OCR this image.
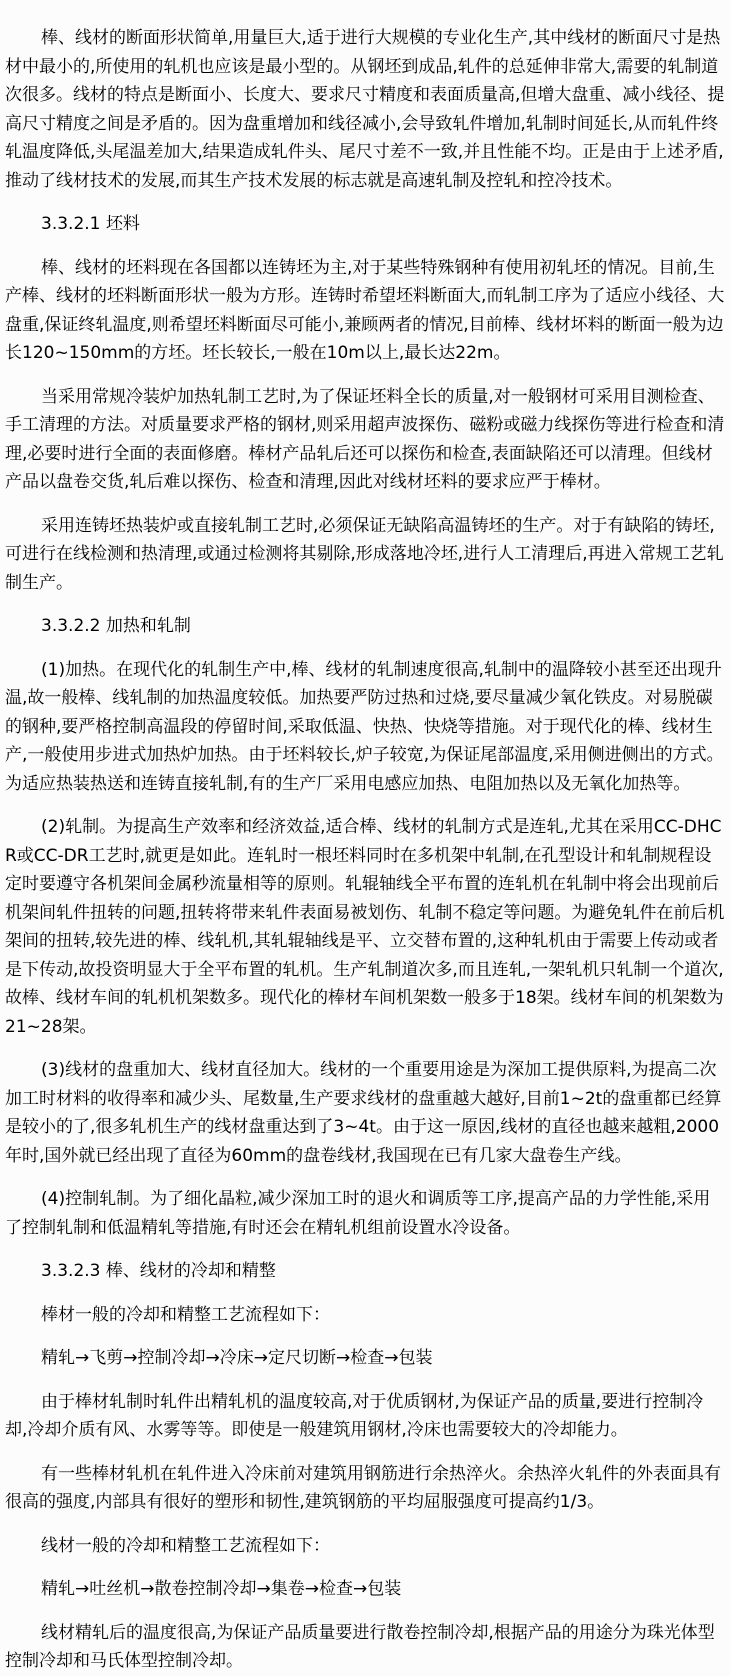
棒、线材的断面形状简单,用量巨大,适于进行大规模的专业化生产,其中线材的断面尺寸是热材中最小的,所使用的轧机也应该是最小型的。从钢坯到成品,轧件的总延伸非常大,需要的轧制道次很多。线材的特点是断面小、长度大、要求尺寸精度和表面质量高,但增大盘重、减小线径、提高尺寸精度之间是矛盾的。因为盘重增加和线径减小,会导致轧件增加,轧制时间延长,从而轧件终轧温度降低,头尾温差加大,结果造成轧件头、尾尺寸差不一致,并且性能不均。正是由于上述矛盾,推动了线材技术的发展,而其生产技术发展的标志就是高速轧制及控轧和控冷技术。

3.3.2.1 坯料

棒、线材的坯料现在各国都以连铸坯为主,对于某些特殊钢种有使用初轧坯的情况。目前,生产棒、线材的坯料断面形状一般为方形。连铸时希望坯料断面大,而轧制工序为了适应小线径、大盘重,保证终轧温度,则希望坯料断面尽可能小,兼顾两者的情况,目前棒、线材坏料的断面一般为边长120~150mm的方坯。坯长较长,一般在10m以上,最长达22m。

当采用常规冷装炉加热轧制工艺时,为了保证坯料全长的质量,对一般钢材可采用目测检查、手工清理的方法。对质量要求严格的钢材,则采用超声波探伤、磁粉或磁力线探伤等进行检查和清理,必要时进行全面的表面修磨。棒材产品轧后还可以探伤和检查,表面缺陷还可以清理。但线材产品以盘卷交货,轧后难以探伤、检查和清理,因此对线材坯料的要求应严于棒材。

采用连铸坯热装炉或直接轧制工艺时,必须保证无缺陷高温铸坯的生产。对于有缺陷的铸坯,可进行在线检测和热清理,或通过检测将其剔除,形成落地冷坯,进行人工清理后,再进入常规工艺轧制生产。

3.3.2.2 加热和轧制

(1)加热。在现代化的轧制生产中,棒、线材的轧制速度很高,轧制中的温降较小甚至还出现升温,故一般棒、线轧制的加热温度较低。加热要严防过热和过烧,要尽量减少氧化铁皮。对易脱碳的钢种,要严格控制高温段的停留时间,采取低温、快热、快烧等措施。对于现代化的棒、线材生产,一般使用步进式加热炉加热。由于坯料较长,炉子较宽,为保证尾部温度,采用侧进侧出的方式。为适应热装热送和连铸直接轧制,有的生产厂采用电感应加热、电阻加热以及无氧化加热等。

(2)轧制。为提高生产效率和经济效益,适合棒、线材的轧制方式是连轧,尤其在采用CC-DHCR或CC-DR工艺时,就更是如此。连轧时一根坯料同时在多机架中轧制,在孔型设计和轧制规程设定时要遵守各机架间金属秒流量相等的原则。轧辊轴线全平布置的连轧机在轧制中将会出现前后机架间轧件扭转的问题,扭转将带来轧件表面易被划伤、轧制不稳定等问题。为避免轧件在前后机架间的扭转,较先进的棒、线轧机,其轧辊轴线是平、立交替布置的,这种轧机由于需要上传动或者是下传动,故投资明显大于全平布置的轧机。生产轧制道次多,而且连轧,一架轧机只轧制一个道次,故棒、线材车间的轧机机架数多。现代化的棒材车间机架数一般多于18架。线材车间的机架数为21~28架。

(3)线材的盘重加大、线材直径加大。线材的一个重要用途是为深加工提供原料,为提高二次加工时材料的收得率和减少头、尾数量,生产要求线材的盘重越大越好,目前1~2t的盘重都已经算是较小的了,很多轧机生产的线材盘重达到了3~4t。由于这一原因,线材的直径也越来越粗,2000年时,国外就已经出现了直径为60mm的盘卷线材,我国现在已有几家大盘卷生产线。

(4)控制轧制。为了细化晶粒,减少深加工时的退火和调质等工序,提高产品的力学性能,采用了控制轧制和低温精轧等措施,有时还会在精轧机组前设置水冷设备。

3.3.2.3 棒、线材的冷却和精整

棒材一般的冷却和精整工艺流程如下：

精轧→飞剪→控制冷却→冷床→定尺切断→检查→包装

由于棒材轧制时轧件出精轧机的温度较高,对于优质钢材,为保证产品的质量,要进行控制冷却,冷却介质有风、水雾等等。即使是一般建筑用钢材,冷床也需要较大的冷却能力。

有一些棒材轧机在轧件进入冷床前对建筑用钢筋进行余热淬火。余热淬火轧件的外表面具有很高的强度,内部具有很好的塑形和韧性,建筑钢筋的平均屈服强度可提高约1/3。

线材一般的冷却和精整工艺流程如下：

精轧→吐丝机→散卷控制冷却→集卷→检查→包装

线材精轧后的温度很高,为保证产品质量要进行散卷控制冷却,根据产品的用途分为珠光体型控制冷却和马氏体型控制冷却。
